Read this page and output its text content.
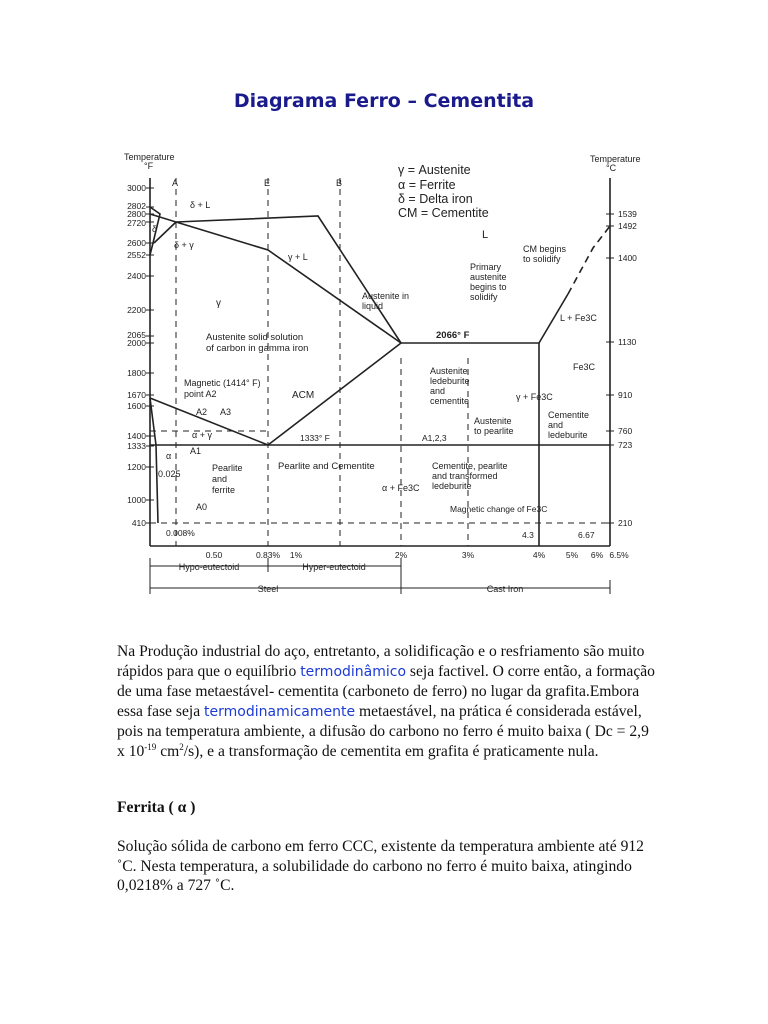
Diagrama Ferro – Cementita
Temperature
°F
Temperature
°C
3000
2802
2800
2720
2600
2552
2400
2200
2065
2000
1800
1670
1600
1400
1333
1200
1000
410
1539
1492
1400
1130
910
760
723
210
A	E	B
γ = Austenite
α = Ferrite
δ = Delta iron
CM = Cementite
δ + L
δ
δ + γ
γ + L
L
γ
CM begins
to solidify
Primary
austenite
begins to
solidify
Austenite in
liquid
L + Fe3C
2066° F
Austenite solid solution
of carbon in gamma iron
Fe3C
Magnetic (1414° F)
point A2	ACM
Austenite
ledeburite
and
cementite	γ + Fe3C
Cementite
and
ledeburite
A2 A3
α + γ	1333° F
Austenite
to pearlite
A1,2,3
A1
α
0.025
Pearlite
and
ferrite
Pearlite and Cementite	Cementite, pearlite
and transformed
ledeburite
α + Fe3C
A0	Magnetic change of Fe3C
4.3	6.67
0.008%
0.50	0.83% 1%	2%	3%	4% 5% 6% 6.5%
Hypo-eutectoid	Hyper-eutectoid
Steel	Cast Iron
Na Produção industrial do aço, entretanto, a solidificação e o resfriamento são muito rápidos para que o equilíbrio termodinâmico seja factivel. O corre então, a formação de uma fase metaestável- cementita (carboneto de ferro) no lugar da grafita.Embora essa fase seja termodinamicamente metaestável, na prática é considerada estável, pois na temperatura ambiente, a difusão do carbono no ferro é muito baixa ( Dc = 2,9 x $10^{-19}$ $cm^2/s$), e a transformação de cementita em grafita é praticamente nula.
Ferrita ( α )
Solução sólida de carbono em ferro CCC, existente da temperatura ambiente até 912 ˚C. Nesta temperatura, a solubilidade do carbono no ferro é muito baixa, atingindo 0,0218% a 727 ˚C.
